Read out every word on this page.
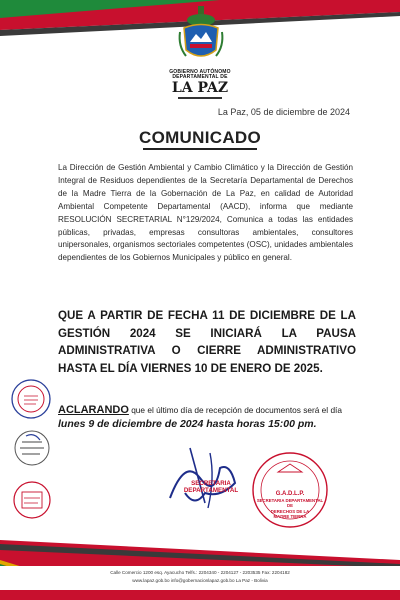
GOBIERNO AUTÓNOMO
DEPARTAMENTAL DE
LA PAZ
La Paz, 05 de diciembre de 2024
COMUNICADO
La Dirección de Gestión Ambiental y Cambio Climático y la Dirección de Gestión Integral de Residuos dependientes de la Secretaría Departamental de Derechos de la Madre Tierra de la Gobernación de La Paz, en calidad de Autoridad Ambiental Competente Departamental (AACD), informa que mediante RESOLUCIÓN SECRETARIAL N°129/2024, Comunica a todas las entidades públicas, privadas, empresas consultoras ambientales, consultores unipersonales, organismos sectoriales competentes (OSC), unidades ambientales dependientes de los Gobiernos Municipales y público en general.
QUE A PARTIR DE FECHA 11 DE DICIEMBRE DE LA GESTIÓN 2024 SE INICIARÁ LA PAUSA ADMINISTRATIVA O CIERRE ADMINISTRATIVO HASTA EL DÍA VIERNES 10 DE ENERO DE 2025.
ACLARANDO que el último día de recepción de documentos será el día lunes 9 de diciembre de 2024 hasta horas 15:00 pm.
SECRETARIA
DEPARTAMENTAL	G.A.D.L.P.
SECRETARIA DEPARTAMENTAL DE
DERECHOS DE LA
MADRE TIERRA
Calle Comercio 1200 esq. Ayacucho Telfs.: 2204340 - 2204127 - 2203535 Fax: 2204182
www.lapaz.gob.bo info@gobernacionlapaz.gob.bo La Paz - Bolivia
